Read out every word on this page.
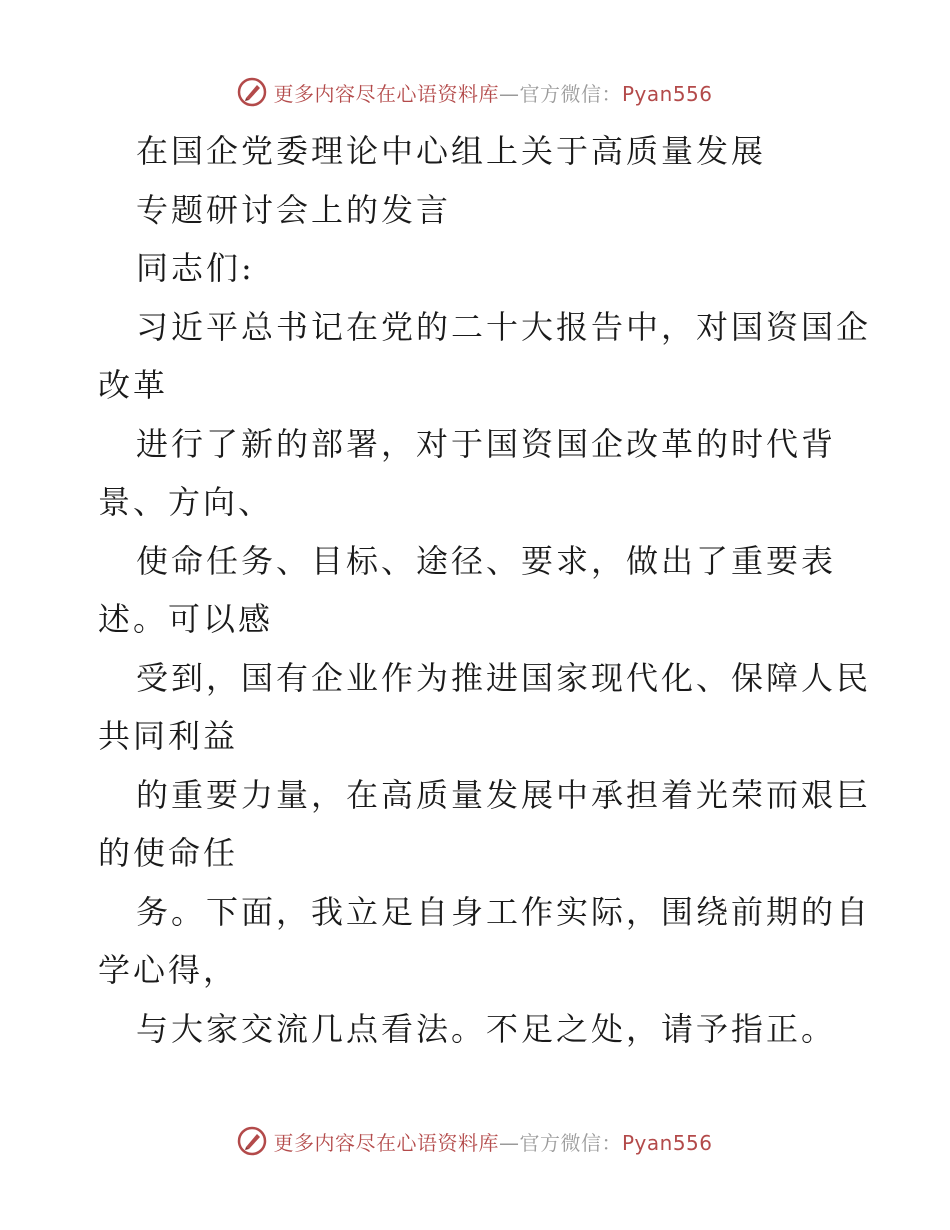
更多内容尽在心语资料库—官方微信：Pyan556
在国企党委理论中心组上关于高质量发展
专题研讨会上的发言
同志们:
习近平总书记在党的二十大报告中，对国资国企
改革
进行了新的部署，对于国资国企改革的时代背
景、方向、
使命任务、目标、途径、要求，做出了重要表
述。可以感
受到，国有企业作为推进国家现代化、保障人民
共同利益
的重要力量，在高质量发展中承担着光荣而艰巨
的使命任
务。下面，我立足自身工作实际，围绕前期的自
学心得，
与大家交流几点看法。不足之处，请予指正。
更多内容尽在心语资料库—官方微信：Pyan556
